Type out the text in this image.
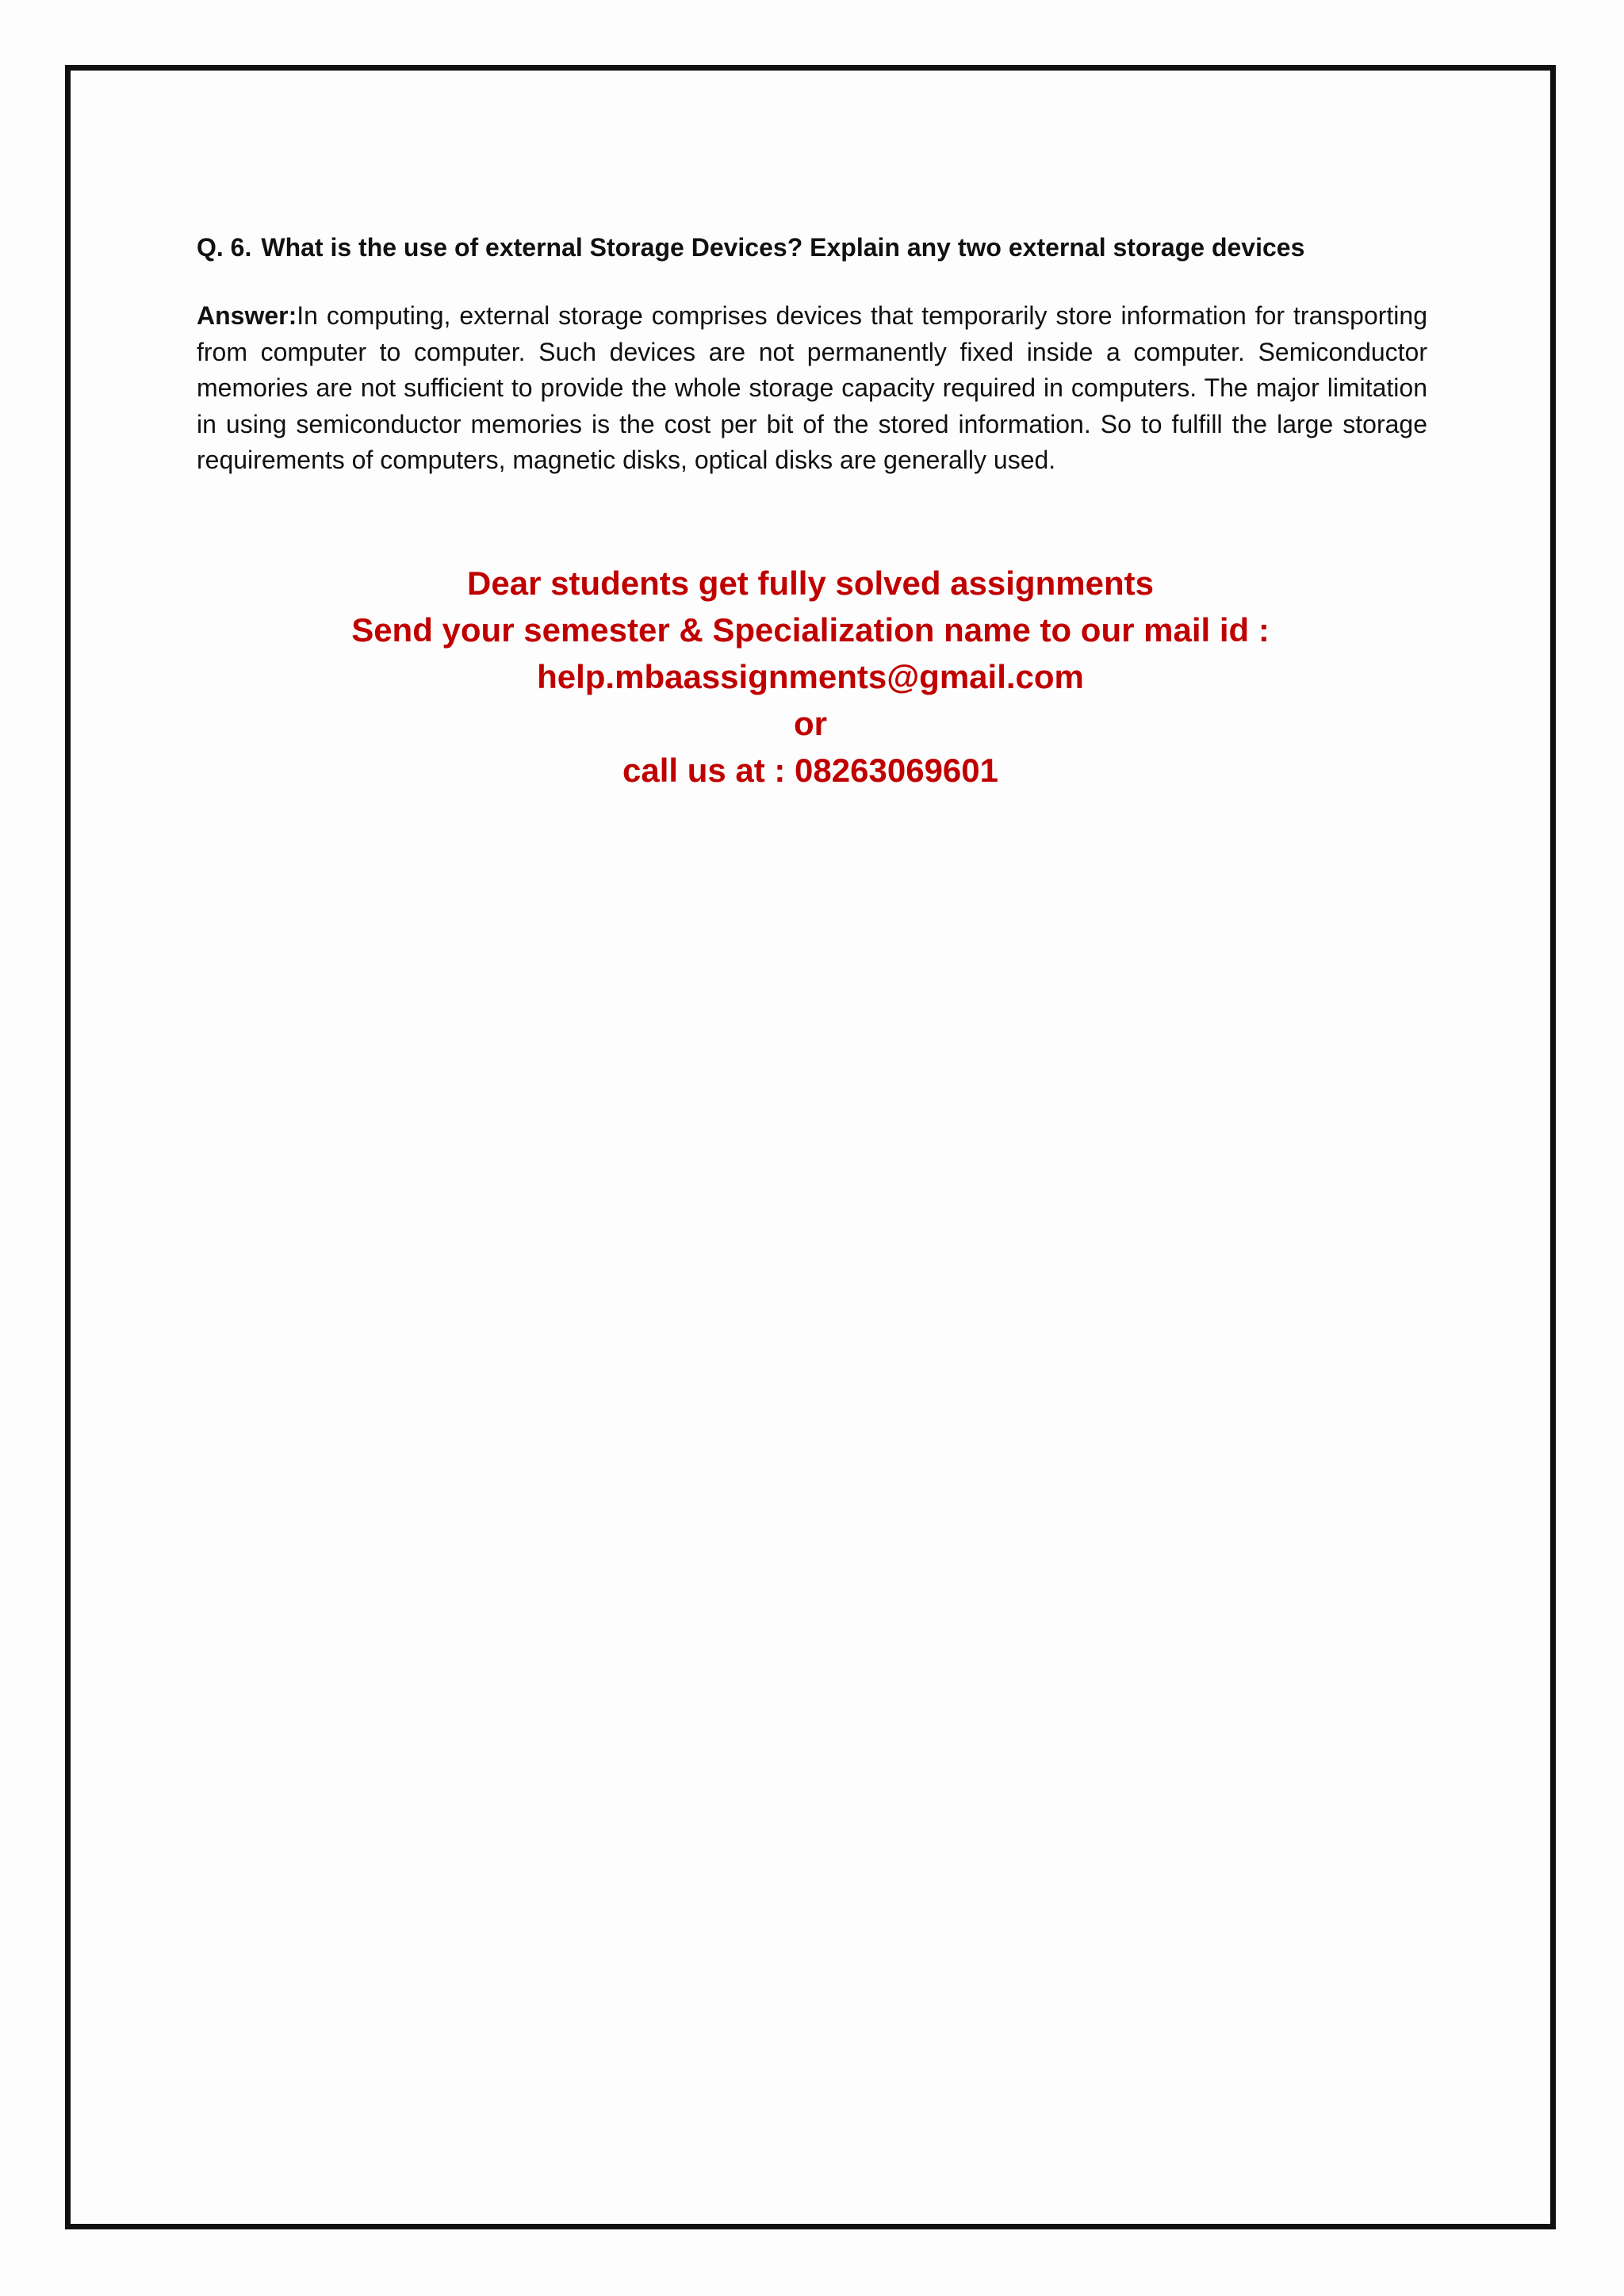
Q. 6. What is the use of external Storage Devices? Explain any two external storage devices
Answer:In computing, external storage comprises devices that temporarily store information for transporting from computer to computer. Such devices are not permanently fixed inside a computer. Semiconductor memories are not sufficient to provide the whole storage capacity required in computers. The major limitation in using semiconductor memories is the cost per bit of the stored information. So to fulfill the large storage requirements of computers, magnetic disks, optical disks are generally used.
Dear students get fully solved assignments
Send your semester & Specialization name to our mail id :
help.mbaassignments@gmail.com
or
call us at : 08263069601
